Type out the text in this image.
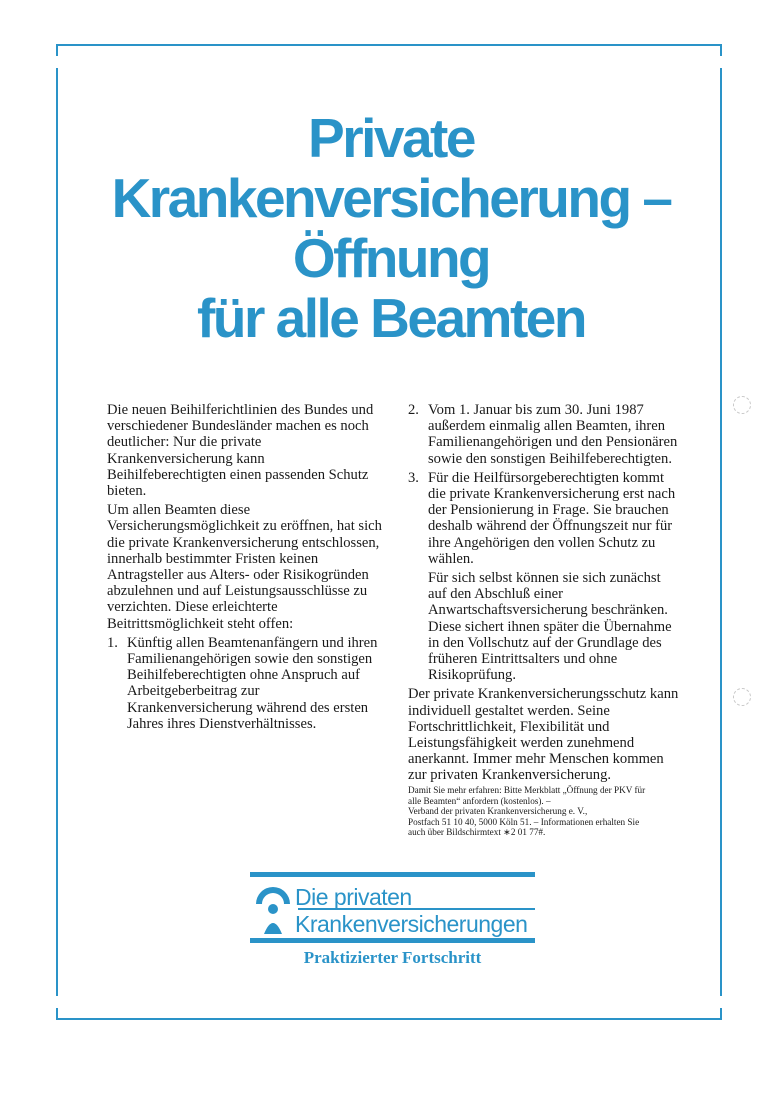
Private
Krankenversicherung –
Öffnung
für alle Beamten

Die neuen Beihilferichtlinien des Bundes und verschiedener Bundesländer machen es noch deutlicher: Nur die private Krankenversicherung kann Beihilfeberechtigten einen passenden Schutz bieten.

Um allen Beamten diese Versicherungsmöglichkeit zu eröffnen, hat sich die private Krankenversicherung entschlossen, innerhalb bestimmter Fristen keinen Antragsteller aus Alters- oder Risikogründen abzulehnen und auf Leistungsausschlüsse zu verzichten. Diese erleichterte Beitrittsmöglichkeit steht offen:

1. Künftig allen Beamtenanfängern und ihren Familienangehörigen sowie den sonstigen Beihilfeberechtigten ohne Anspruch auf Arbeitgeberbeitrag zur Krankenversicherung während des ersten Jahres ihres Dienstverhältnisses.
2. Vom 1. Januar bis zum 30. Juni 1987 außerdem einmalig allen Beamten, ihren Familienangehörigen und den Pensionären sowie den sonstigen Beihilfeberechtigten.
3. Für die Heilfürsorgeberechtigten kommt die private Krankenversicherung erst nach der Pensionierung in Frage. Sie brauchen deshalb während der Öffnungszeit nur für ihre Angehörigen den vollen Schutz zu wählen.

Für sich selbst können sie sich zunächst auf den Abschluß einer Anwartschaftsversicherung beschränken. Diese sichert ihnen später die Übernahme in den Vollschutz auf der Grundlage des früheren Eintrittsalters und ohne Risikoprüfung.

Der private Krankenversicherungsschutz kann individuell gestaltet werden. Seine Fortschrittlichkeit, Flexibilität und Leistungsfähigkeit werden zunehmend anerkannt. Immer mehr Menschen kommen zur privaten Krankenversicherung.

Damit Sie mehr erfahren: Bitte Merkblatt „Öffnung der PKV für
alle Beamten“ anfordern (kostenlos). –
Verband der privaten Krankenversicherung e. V.,
Postfach 51 10 40, 5000 Köln 51. – Informationen erhalten Sie
auch über Bildschirmtext ∗2 01 77#.
Die privaten
Krankenversicherungen
Praktizierter Fortschritt
